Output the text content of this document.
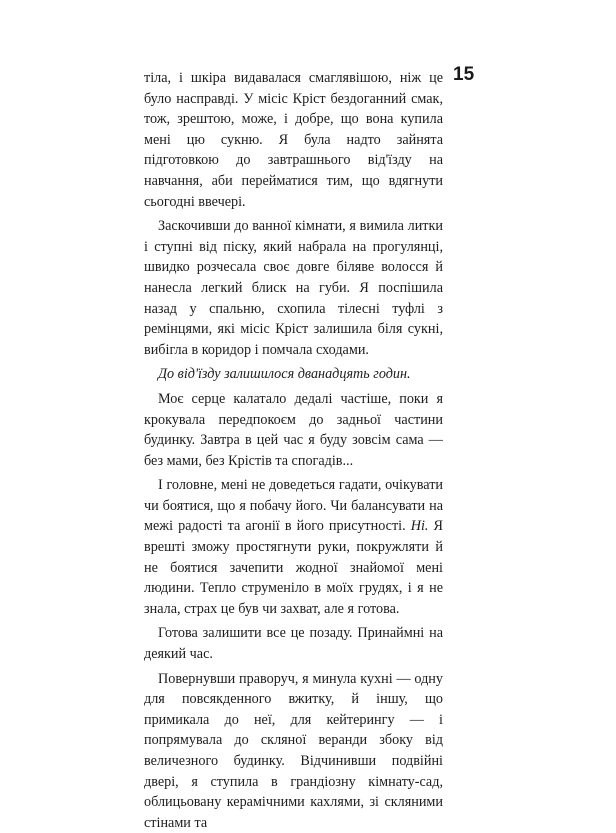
15

тіла, і шкіра видавалася смаглявішою, ніж це було насправді. У місіс Кріст бездоганний смак, тож, зрештою, може, і добре, що вона купила мені цю сукню. Я була надто зайнята підготовкою до завтрашнього від'їзду на навчання, аби перейматися тим, що вдягнути сьогодні ввечері.

Заскочивши до ванної кімнати, я вимила литки і ступні від піску, який набрала на прогулянці, швидко розчесала своє довге біляве волосся й нанесла легкий блиск на губи. Я поспішила назад у спальню, схопила тілесні туфлі з ремінцями, які місіс Кріст залишила біля сукні, вибігла в коридор і помчала сходами.

До від'їзду залишилося дванадцять годин.

Моє серце калатало дедалі частіше, поки я крокувала передпокоєм до задньої частини будинку. Завтра в цей час я буду зовсім сама — без мами, без Крістів та спогадів...

І головне, мені не доведеться гадати, очікувати чи боятися, що я побачу його. Чи балансувати на межі радості та агонії в його присутності. Ні. Я врешті зможу простягнути руки, покружляти й не боятися зачепити жодної знайомої мені людини. Тепло струменіло в моїх грудях, і я не знала, страх це був чи захват, але я готова.

Готова залишити все це позаду. Принаймні на деякий час.

Повернувши праворуч, я минула кухні — одну для повсякденного вжитку, й іншу, що примикала до неї, для кейтерингу — і попрямувала до скляної веранди збоку від величезного будинку. Відчинивши подвійні двері, я ступила в грандіозну кімнату-сад, облицьовану керамічними кахлями, зі скляними стінами та
